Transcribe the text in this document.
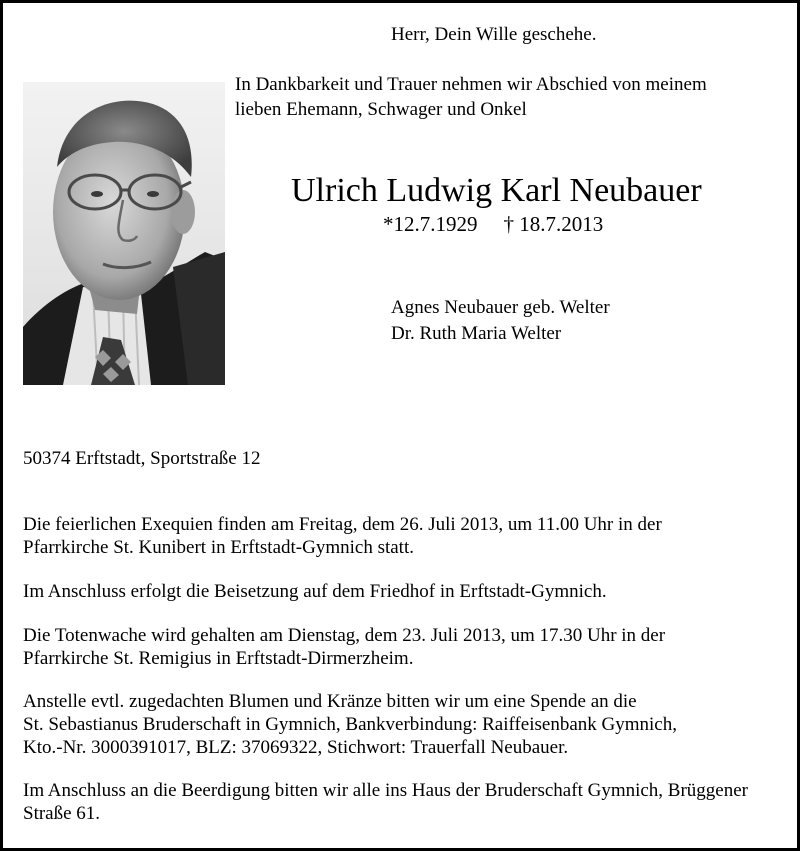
Herr, Dein Wille geschehe.
In Dankbarkeit und Trauer nehmen wir Abschied von meinem
lieben Ehemann, Schwager und Onkel
Ulrich Ludwig Karl Neubauer
*12.7.1929 † 18.7.2013
Agnes Neubauer geb. Welter
Dr. Ruth Maria Welter
50374 Erftstadt, Sportstraße 12
Die feierlichen Exequien finden am Freitag, dem 26. Juli 2013, um 11.00 Uhr in der
Pfarrkirche St. Kunibert in Erftstadt-Gymnich statt.
Im Anschluss erfolgt die Beisetzung auf dem Friedhof in Erftstadt-Gymnich.
Die Totenwache wird gehalten am Dienstag, dem 23. Juli 2013, um 17.30 Uhr in der
Pfarrkirche St. Remigius in Erftstadt-Dirmerzheim.
Anstelle evtl. zugedachten Blumen und Kränze bitten wir um eine Spende an die
St. Sebastianus Bruderschaft in Gymnich, Bankverbindung: Raiffeisenbank Gymnich,
Kto.-Nr. 3000391017, BLZ: 37069322, Stichwort: Trauerfall Neubauer.
Im Anschluss an die Beerdigung bitten wir alle ins Haus der Bruderschaft Gymnich, Brüggener
Straße 61.
